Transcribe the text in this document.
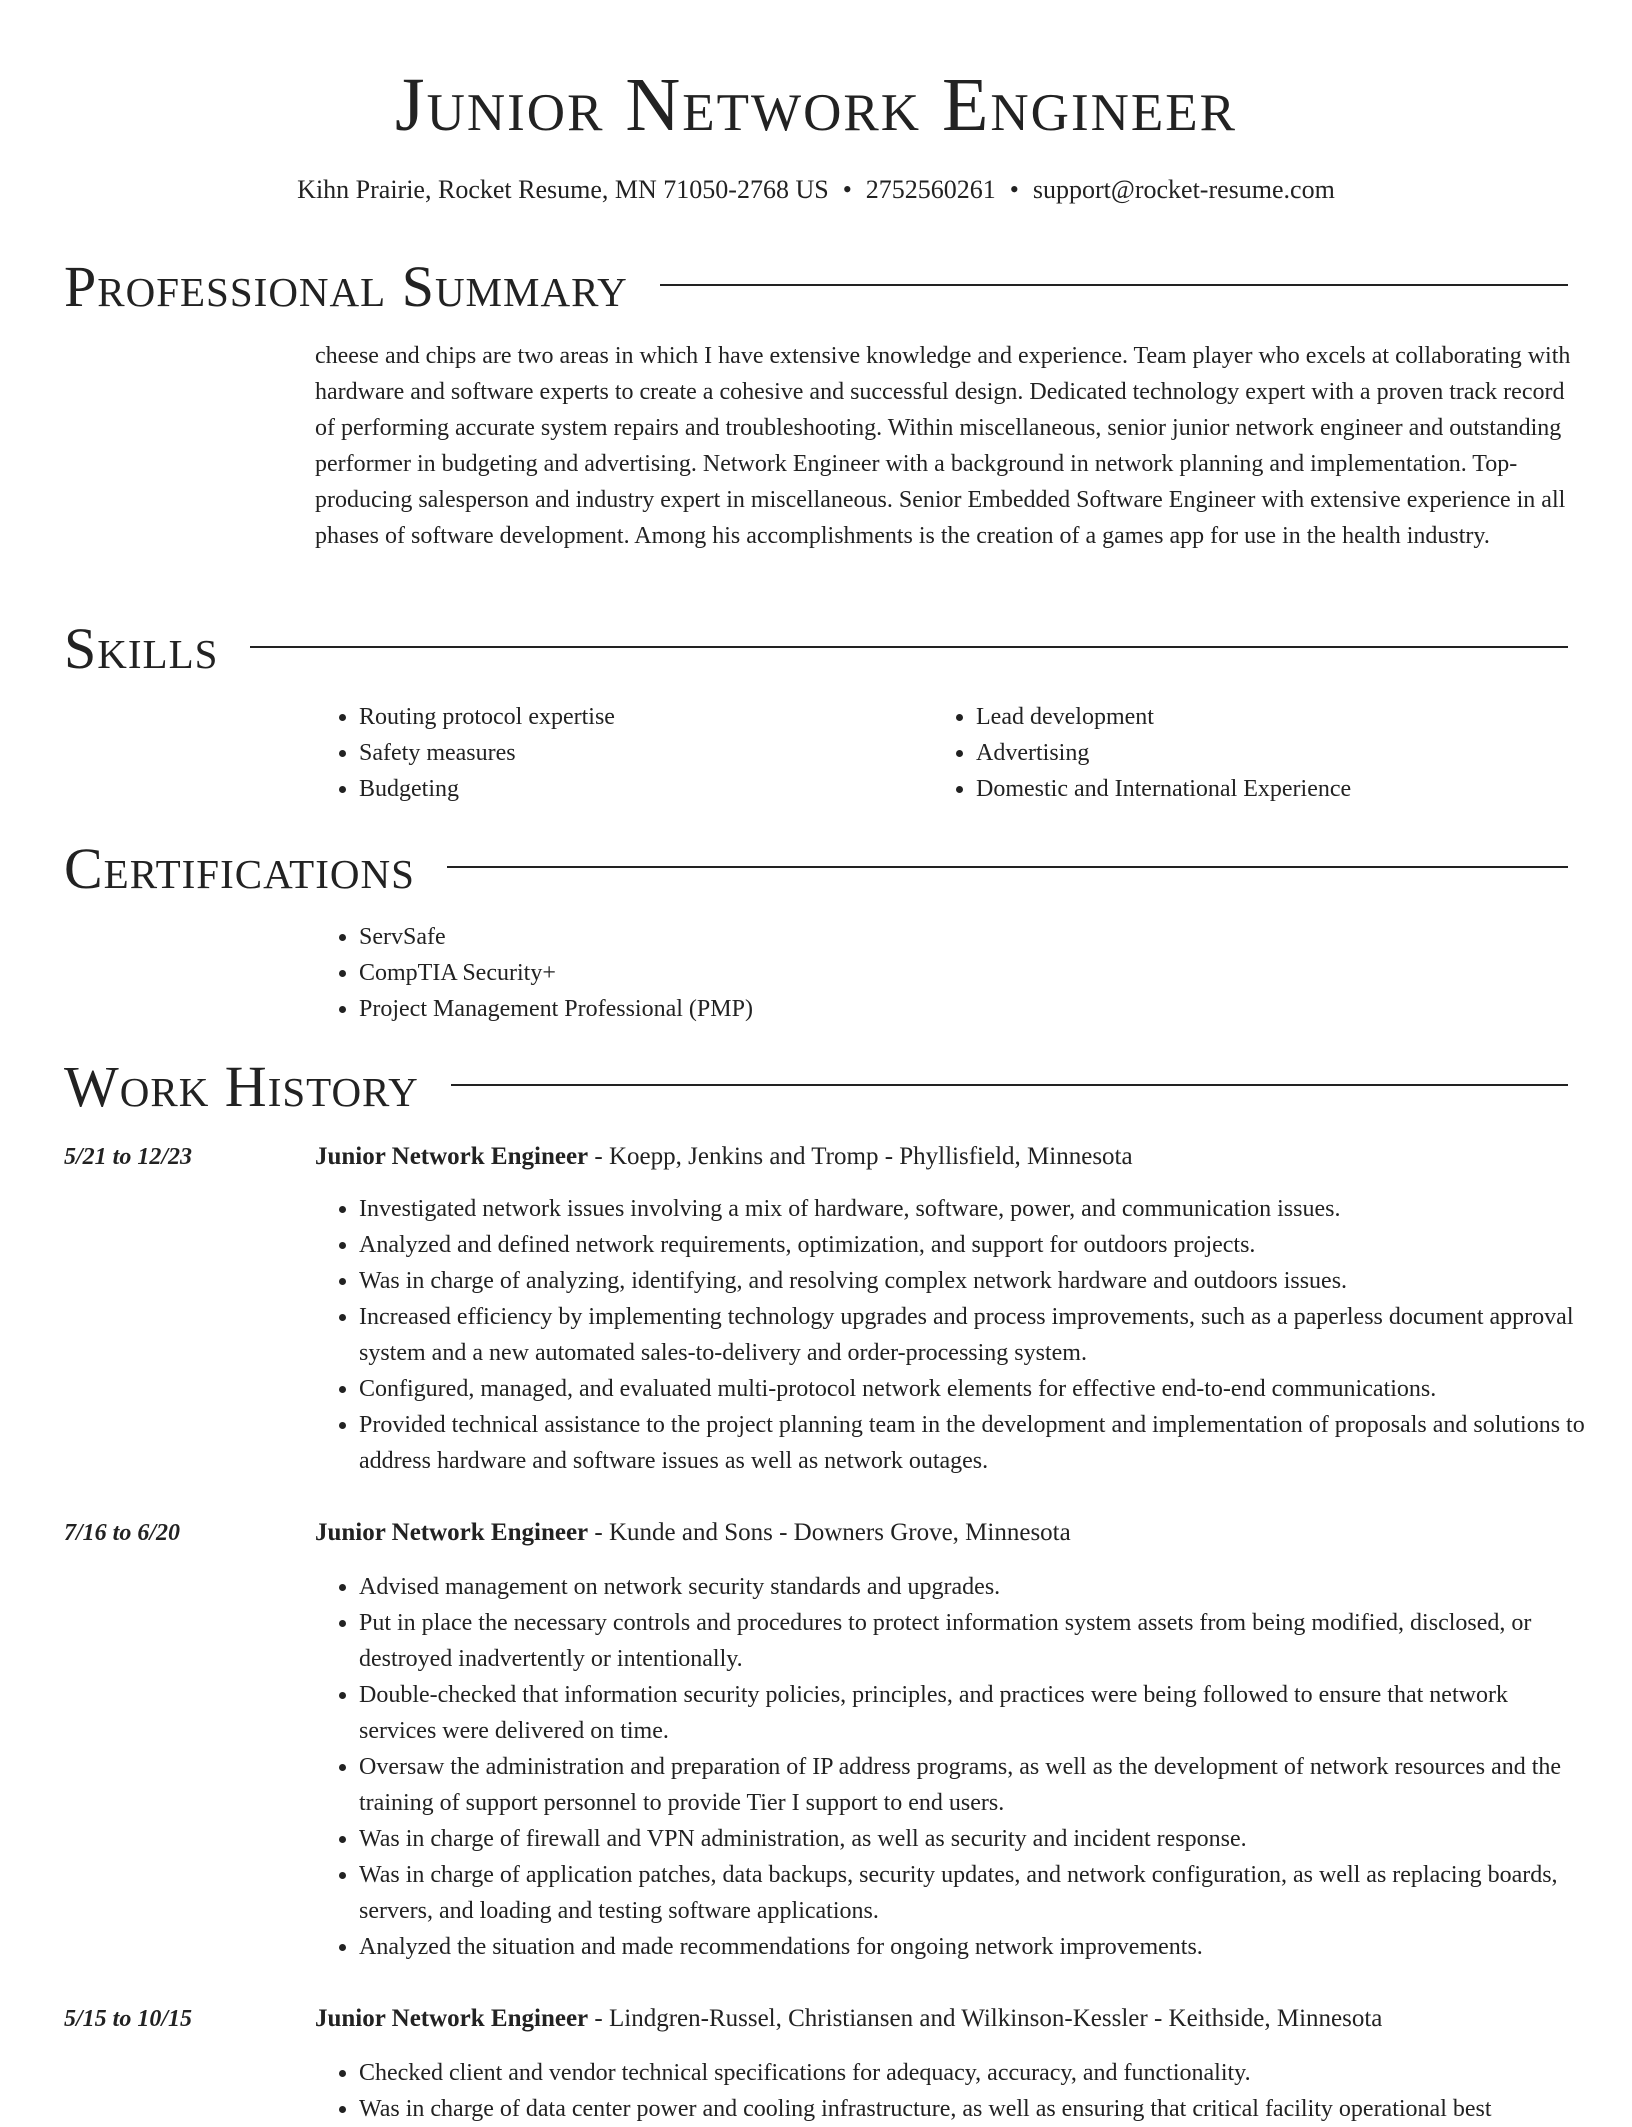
Junior Network Engineer
Kihn Prairie, Rocket Resume, MN 71050-2768 US • 2752560261 • support@rocket-resume.com
Professional Summary

cheese and chips are two areas in which I have extensive knowledge and experience. Team player who excels at collaborating with hardware and software experts to create a cohesive and successful design. Dedicated technology expert with a proven track record of performing accurate system repairs and troubleshooting. Within miscellaneous, senior junior network engineer and outstanding performer in budgeting and advertising. Network Engineer with a background in network planning and implementation. Top-producing salesperson and industry expert in miscellaneous. Senior Embedded Software Engineer with extensive experience in all phases of software development. Among his accomplishments is the creation of a games app for use in the health industry.

Skills
• Routing protocol expertise
• Safety measures
• Budgeting
• Lead development
• Advertising
• Domestic and International Experience
Certifications
• ServSafe
• CompTIA Security+
• Project Management Professional (PMP)
Work History
5/21 to 12/23	Junior Network Engineer - Koepp, Jenkins and Tromp - Phyllisfield, Minnesota
• Investigated network issues involving a mix of hardware, software, power, and communication issues.
• Analyzed and defined network requirements, optimization, and support for outdoors projects.
• Was in charge of analyzing, identifying, and resolving complex network hardware and outdoors issues.
• Increased efficiency by implementing technology upgrades and process improvements, such as a paperless document approval system and a new automated sales-to-delivery and order-processing system.
• Configured, managed, and evaluated multi-protocol network elements for effective end-to-end communications.
• Provided technical assistance to the project planning team in the development and implementation of proposals and solutions to address hardware and software issues as well as network outages.
7/16 to 6/20	Junior Network Engineer - Kunde and Sons - Downers Grove, Minnesota
• Advised management on network security standards and upgrades.
• Put in place the necessary controls and procedures to protect information system assets from being modified, disclosed, or destroyed inadvertently or intentionally.
• Double-checked that information security policies, principles, and practices were being followed to ensure that network services were delivered on time.
• Oversaw the administration and preparation of IP address programs, as well as the development of network resources and the training of support personnel to provide Tier I support to end users.
• Was in charge of firewall and VPN administration, as well as security and incident response.
• Was in charge of application patches, data backups, security updates, and network configuration, as well as replacing boards, servers, and loading and testing software applications.
• Analyzed the situation and made recommendations for ongoing network improvements.
5/15 to 10/15	Junior Network Engineer - Lindgren-Russel, Christiansen and Wilkinson-Kessler - Keithside, Minnesota
• Checked client and vendor technical specifications for adequacy, accuracy, and functionality.
• Was in charge of data center power and cooling infrastructure, as well as ensuring that critical facility operational best
